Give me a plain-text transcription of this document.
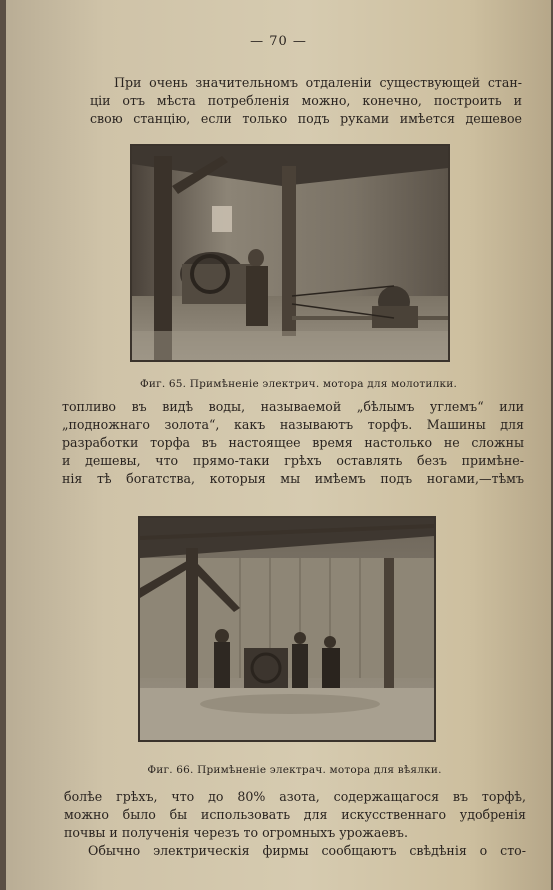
— 70 —

При очень значительномъ отдаленіи существующей стан-
ціи отъ мѣста потребленія можно, конечно, построить и
свою станцію, если только подъ руками имѣется дешевое

Фиг. 65. Примѣненіе электрич. мотора для молотилки.

топливо въ видѣ воды, называемой „бѣлымъ углемъ“ или
„подножнаго золота“, какъ называютъ торфъ. Машины для
разработки торфа въ настоящее время настолько не сложны
и дешевы, что прямо-таки грѣхъ оставлять безъ примѣне-
нія тѣ богатства, которыя мы имѣемъ подъ ногами,—тѣмъ

Фиг. 66. Примѣненіе электрач. мотора для вѣялки.

болѣе грѣхъ, что до 80% азота, содержащагося въ торфѣ,
можно было бы использовать для искусственнаго удобренія
почвы и полученія черезъ то огромныхъ урожаевъ.
Обычно электрическія фирмы сообщаютъ свѣдѣнія о сто-
